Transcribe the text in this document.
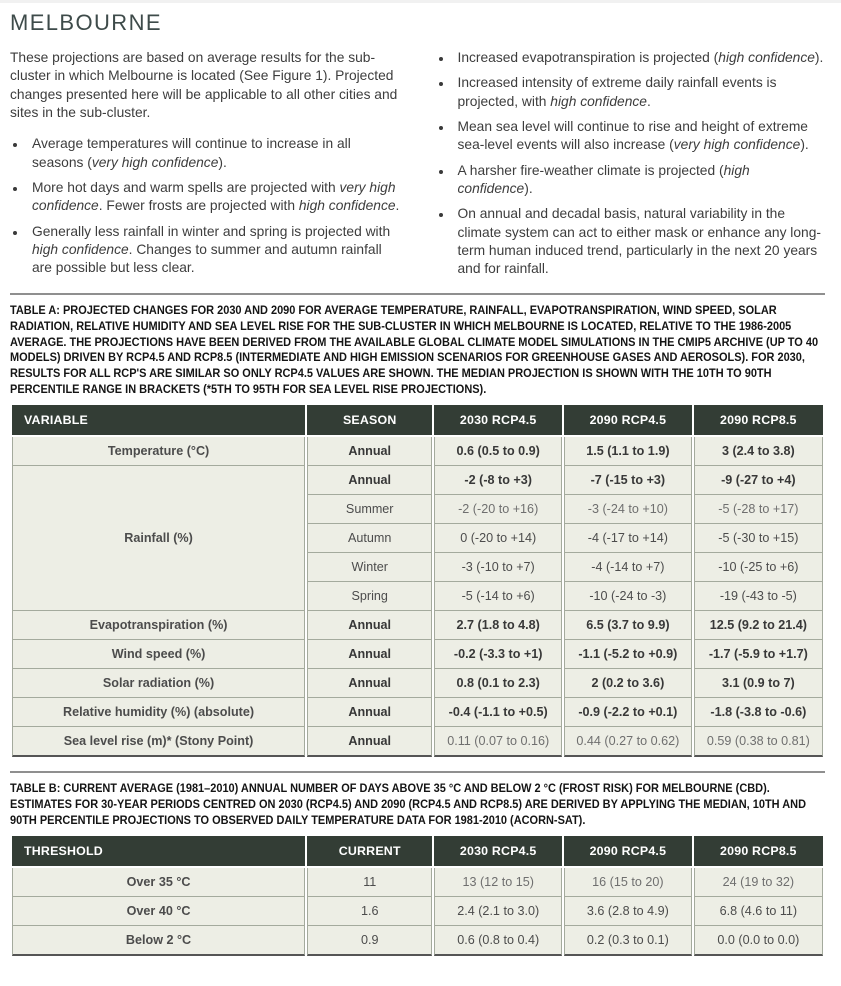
MELBOURNE

These projections are based on average results for the sub-cluster in which Melbourne is located (See Figure 1). Projected changes presented here will be applicable to all other cities and sites in the sub-cluster.

• Average temperatures will continue to increase in all seasons (very high confidence).
• More hot days and warm spells are projected with very high confidence. Fewer frosts are projected with high confidence.
• Generally less rainfall in winter and spring is projected with high confidence. Changes to summer and autumn rainfall are possible but less clear.
• Increased evapotranspiration is projected (high confidence).
• Increased intensity of extreme daily rainfall events is projected, with high confidence.
• Mean sea level will continue to rise and height of extreme sea-level events will also increase (very high confidence).
• A harsher fire-weather climate is projected (high confidence).
• On annual and decadal basis, natural variability in the climate system can act to either mask or enhance any long-term human induced trend, particularly in the next 20 years and for rainfall.

TABLE A: PROJECTED CHANGES FOR 2030 AND 2090 FOR AVERAGE TEMPERATURE, RAINFALL, EVAPOTRANSPIRATION, WIND SPEED, SOLAR RADIATION, RELATIVE HUMIDITY AND SEA LEVEL RISE FOR THE SUB-CLUSTER IN WHICH MELBOURNE IS LOCATED, RELATIVE TO THE 1986-2005 AVERAGE. THE PROJECTIONS HAVE BEEN DERIVED FROM THE AVAILABLE GLOBAL CLIMATE MODEL SIMULATIONS IN THE CMIP5 ARCHIVE (UP TO 40 MODELS) DRIVEN BY RCP4.5 AND RCP8.5 (INTERMEDIATE AND HIGH EMISSION SCENARIOS FOR GREENHOUSE GASES AND AEROSOLS). FOR 2030, RESULTS FOR ALL RCP'S ARE SIMILAR SO ONLY RCP4.5 VALUES ARE SHOWN. THE MEDIAN PROJECTION IS SHOWN WITH THE 10TH TO 90TH PERCENTILE RANGE IN BRACKETS (*5TH TO 95TH FOR SEA LEVEL RISE PROJECTIONS).

VARIABLE	SEASON	2030 RCP4.5	2090 RCP4.5	2090 RCP8.5
Temperature (°C)	Annual	0.6 (0.5 to 0.9)	1.5 (1.1 to 1.9)	3 (2.4 to 3.8)
Rainfall (%)	Annual	-2 (-8 to +3)	-7 (-15 to +3)	-9 (-27 to +4)
	Summer	-2 (-20 to +16)	-3 (-24 to +10)	-5 (-28 to +17)
	Autumn	0 (-20 to +14)	-4 (-17 to +14)	-5 (-30 to +15)
	Winter	-3 (-10 to +7)	-4 (-14 to +7)	-10 (-25 to +6)
	Spring	-5 (-14 to +6)	-10 (-24 to -3)	-19 (-43 to -5)
Evapotranspiration (%)	Annual	2.7 (1.8 to 4.8)	6.5 (3.7 to 9.9)	12.5 (9.2 to 21.4)
Wind speed (%)	Annual	-0.2 (-3.3 to +1)	-1.1 (-5.2 to +0.9)	-1.7 (-5.9 to +1.7)
Solar radiation (%)	Annual	0.8 (0.1 to 2.3)	2 (0.2 to 3.6)	3.1 (0.9 to 7)
Relative humidity (%) (absolute)	Annual	-0.4 (-1.1 to +0.5)	-0.9 (-2.2 to +0.1)	-1.8 (-3.8 to -0.6)
Sea level rise (m)* (Stony Point)	Annual	0.11 (0.07 to 0.16)	0.44 (0.27 to 0.62)	0.59 (0.38 to 0.81)

TABLE B: CURRENT AVERAGE (1981–2010) ANNUAL NUMBER OF DAYS ABOVE 35 °C AND BELOW 2 °C (FROST RISK) FOR MELBOURNE (CBD). ESTIMATES FOR 30-YEAR PERIODS CENTRED ON 2030 (RCP4.5) AND 2090 (RCP4.5 AND RCP8.5) ARE DERIVED BY APPLYING THE MEDIAN, 10TH AND 90TH PERCENTILE PROJECTIONS TO OBSERVED DAILY TEMPERATURE DATA FOR 1981-2010 (ACORN-SAT).

THRESHOLD	CURRENT	2030 RCP4.5	2090 RCP4.5	2090 RCP8.5
Over 35 °C	11	13 (12 to 15)	16 (15 to 20)	24 (19 to 32)
Over 40 °C	1.6	2.4 (2.1 to 3.0)	3.6 (2.8 to 4.9)	6.8 (4.6 to 11)
Below 2 °C	0.9	0.6 (0.8 to 0.4)	0.2 (0.3 to 0.1)	0.0 (0.0 to 0.0)
